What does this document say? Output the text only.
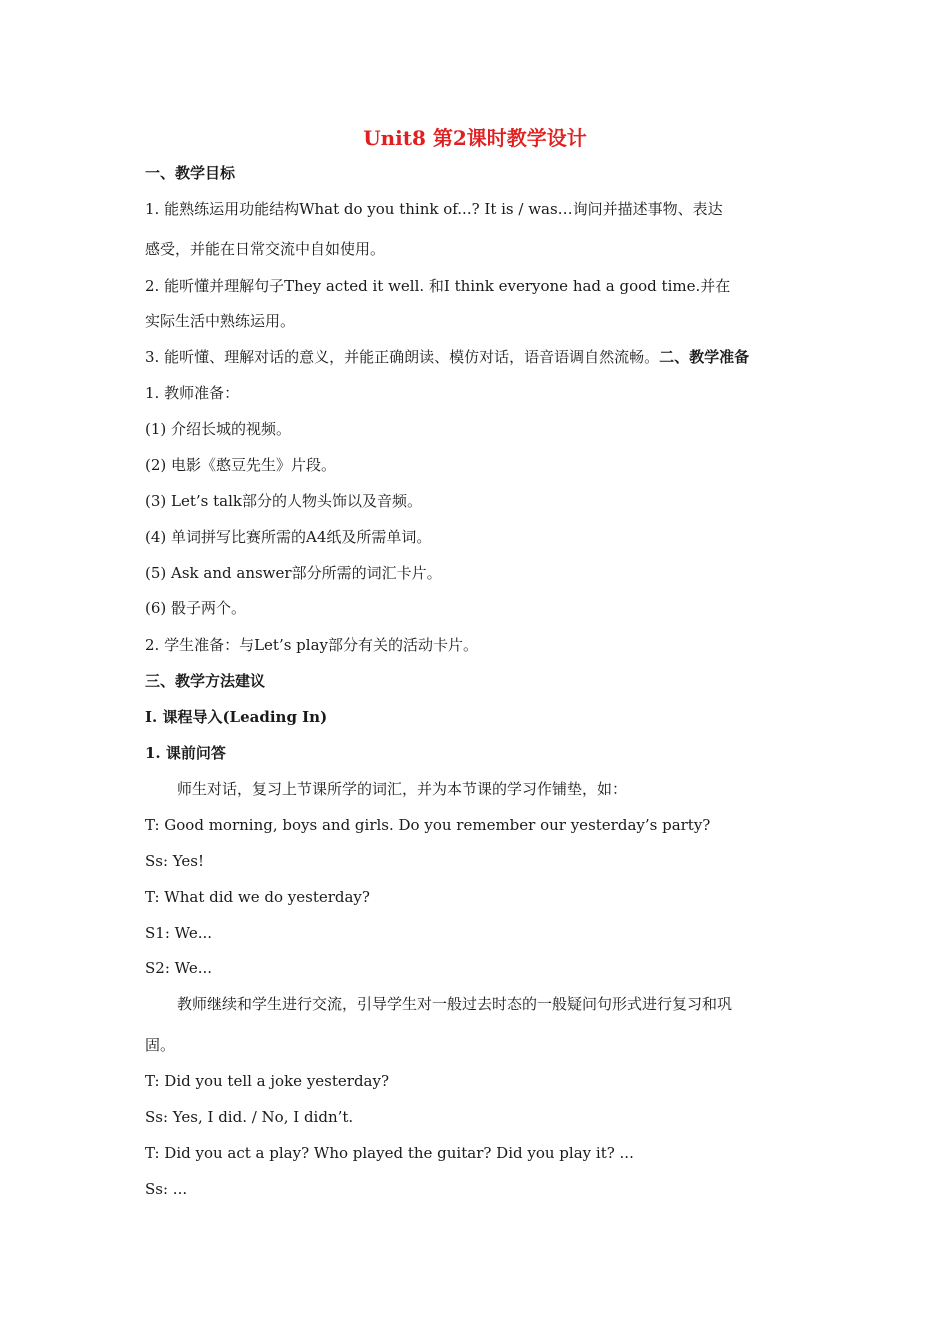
Unit8 第2课时教学设计
一、教学目标
1. 能熟练运用功能结构What do you think of...? It is / was…询问并描述事物、表达
感受，并能在日常交流中自如使用。
2. 能听懂并理解句子They acted it well. 和I think everyone had a good time.并在
实际生活中熟练运用。
3. 能听懂、理解对话的意义，并能正确朗读、模仿对话，语音语调自然流畅。二、教学准备
1. 教师准备：
(1) 介绍长城的视频。
(2) 电影《憨豆先生》片段。
(3) Let’s talk部分的人物头饰以及音频。
(4) 单词拼写比赛所需的A4纸及所需单词。
(5) Ask and answer部分所需的词汇卡片。
(6) 骰子两个。
2. 学生准备：与Let’s play部分有关的活动卡片。
三、教学方法建议
I. 课程导入(Leading In)
1. 课前问答
师生对话，复习上节课所学的词汇，并为本节课的学习作铺垫，如：
T: Good morning, boys and girls. Do you remember our yesterday’s party?
Ss: Yes!
T: What did we do yesterday?
S1: We...
S2: We...
教师继续和学生进行交流，引导学生对一般过去时态的一般疑问句形式进行复习和巩
固。
T: Did you tell a joke yesterday?
Ss: Yes, I did. / No, I didn’t.
T: Did you act a play? Who played the guitar? Did you play it? ...
Ss: ...
